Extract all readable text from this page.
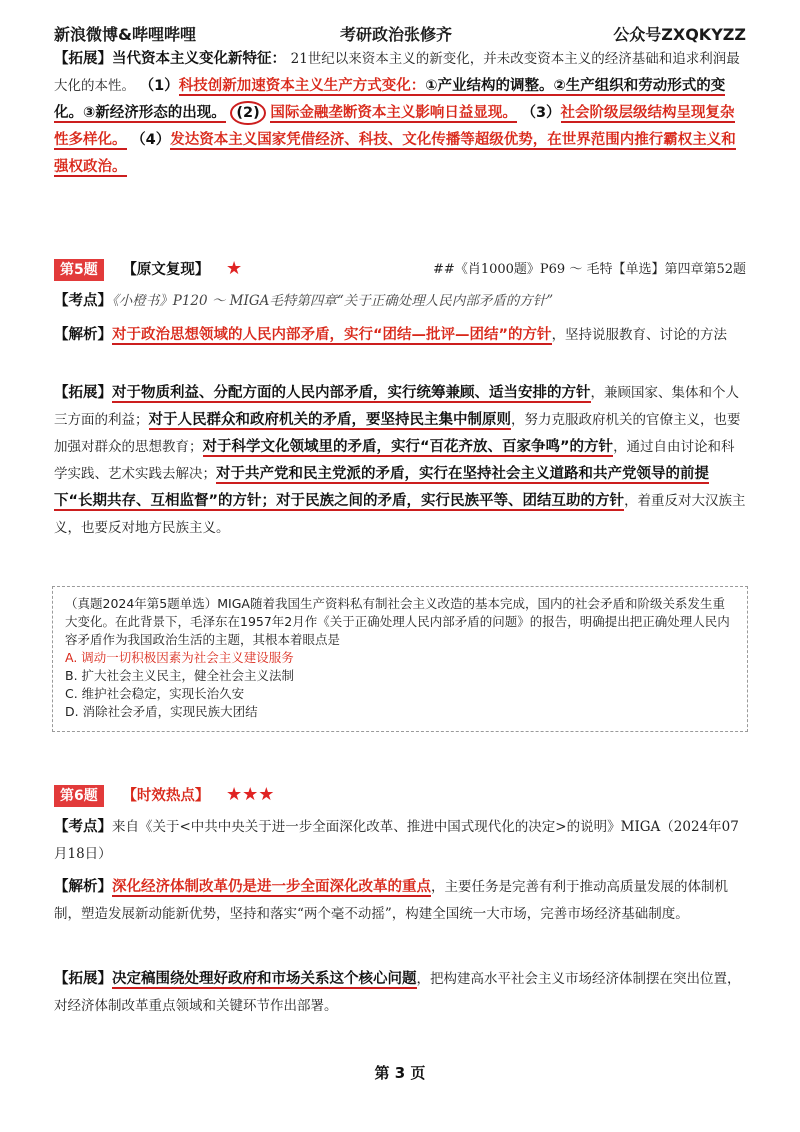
新浪微博&哔哩哔哩	考研政治张修齐	公众号ZXQKYZZ
【拓展】当代资本主义变化新特征： 21世纪以来资本主义的新变化，并未改变资本主义的经济基础和追求利润最大化的本性。 （1）科技创新加速资本主义生产方式变化：①产业结构的调整。②生产组织和劳动形式的变化。③新经济形态的出现。 (2) 国际金融垄断资本主义影响日益显现。 （3）社会阶级层级结构呈现复杂性多样化。 （4）发达资本主义国家凭借经济、科技、文化传播等超级优势，在世界范围内推行霸权主义和强权政治。
第5题 【原文复现】 ★	##《肖1000题》P69 ～ 毛特【单选】第四章第52题
【考点】《小橙书》P120 ～ MIGA毛特第四章“关于正确处理人民内部矛盾的方针”
【解析】对于政治思想领域的人民内部矛盾，实行“团结—批评—团结”的方针，坚持说服教育、讨论的方法
【拓展】对于物质利益、分配方面的人民内部矛盾，实行统筹兼顾、适当安排的方针，兼顾国家、集体和个人三方面的利益；对于人民群众和政府机关的矛盾，要坚持民主集中制原则，努力克服政府机关的官僚主义，也要加强对群众的思想教育；对于科学文化领域里的矛盾，实行“百花齐放、百家争鸣”的方针，通过自由讨论和科学实践、艺术实践去解决；对于共产党和民主党派的矛盾，实行在坚持社会主义道路和共产党领导的前提下“长期共存、互相监督”的方针；对于民族之间的矛盾，实行民族平等、团结互助的方针，着重反对大汉族主义，也要反对地方民族主义。
（真题2024年第5题单选）MIGA随着我国生产资料私有制社会主义改造的基本完成，国内的社会矛盾和阶级关系发生重大变化。在此背景下，毛泽东在1957年2月作《关于正确处理人民内部矛盾的问题》的报告，明确提出把正确处理人民内容矛盾作为我国政治生活的主题，其根本着眼点是
A. 调动一切积极因素为社会主义建设服务
B. 扩大社会主义民主，健全社会主义法制
C. 维护社会稳定，实现长治久安
D. 消除社会矛盾，实现民族大团结
第6题 【时效热点】 ★★★
【考点】来自《关于<中共中央关于进一步全面深化改革、推进中国式现代化的决定>的说明》MIGA（2024年07月18日）
【解析】深化经济体制改革仍是进一步全面深化改革的重点，主要任务是完善有利于推动高质量发展的体制机制，塑造发展新动能新优势，坚持和落实“两个毫不动摇”，构建全国统一大市场，完善市场经济基础制度。
【拓展】决定稿围绕处理好政府和市场关系这个核心问题，把构建高水平社会主义市场经济体制摆在突出位置，对经济体制改革重点领域和关键环节作出部署。
第 3 页
